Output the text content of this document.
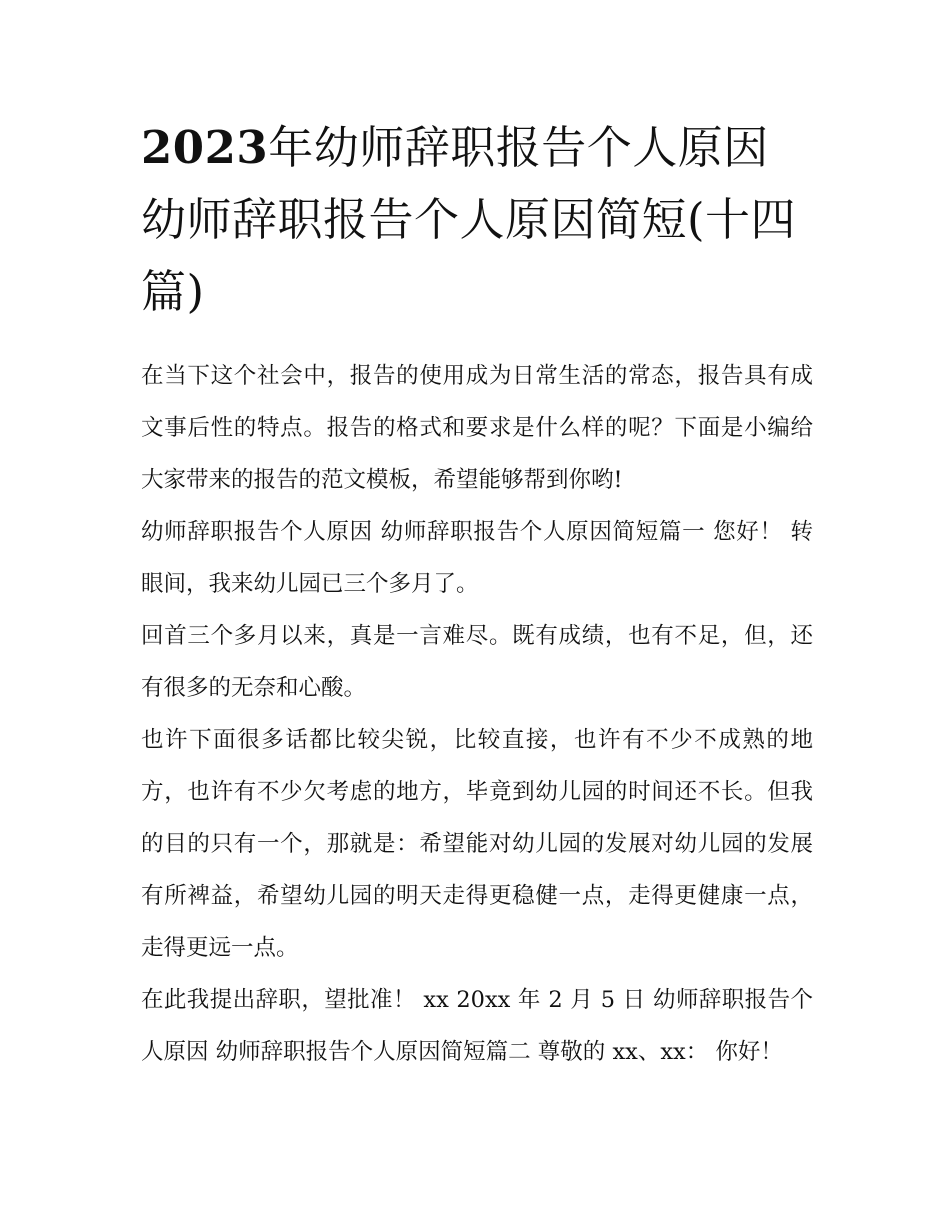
2023年幼师辞职报告个人原因 幼师辞职报告个人原因简短(十四篇)

在当下这个社会中，报告的使用成为日常生活的常态，报告具有成文事后性的特点。报告的格式和要求是什么样的呢？下面是小编给大家带来的报告的范文模板，希望能够帮到你哟!

幼师辞职报告个人原因 幼师辞职报告个人原因简短篇一 您好！ 转眼间，我来幼儿园已三个多月了。

回首三个多月以来，真是一言难尽。既有成绩，也有不足，但，还有很多的无奈和心酸。

也许下面很多话都比较尖锐，比较直接，也许有不少不成熟的地方，也许有不少欠考虑的地方，毕竟到幼儿园的时间还不长。但我的目的只有一个，那就是：希望能对幼儿园的发展对幼儿园的发展有所裨益，希望幼儿园的明天走得更稳健一点，走得更健康一点，走得更远一点。

在此我提出辞职，望批准！ xx 20xx 年 2 月 5 日 幼师辞职报告个人原因 幼师辞职报告个人原因简短篇二 尊敬的 xx、xx： 你好！
